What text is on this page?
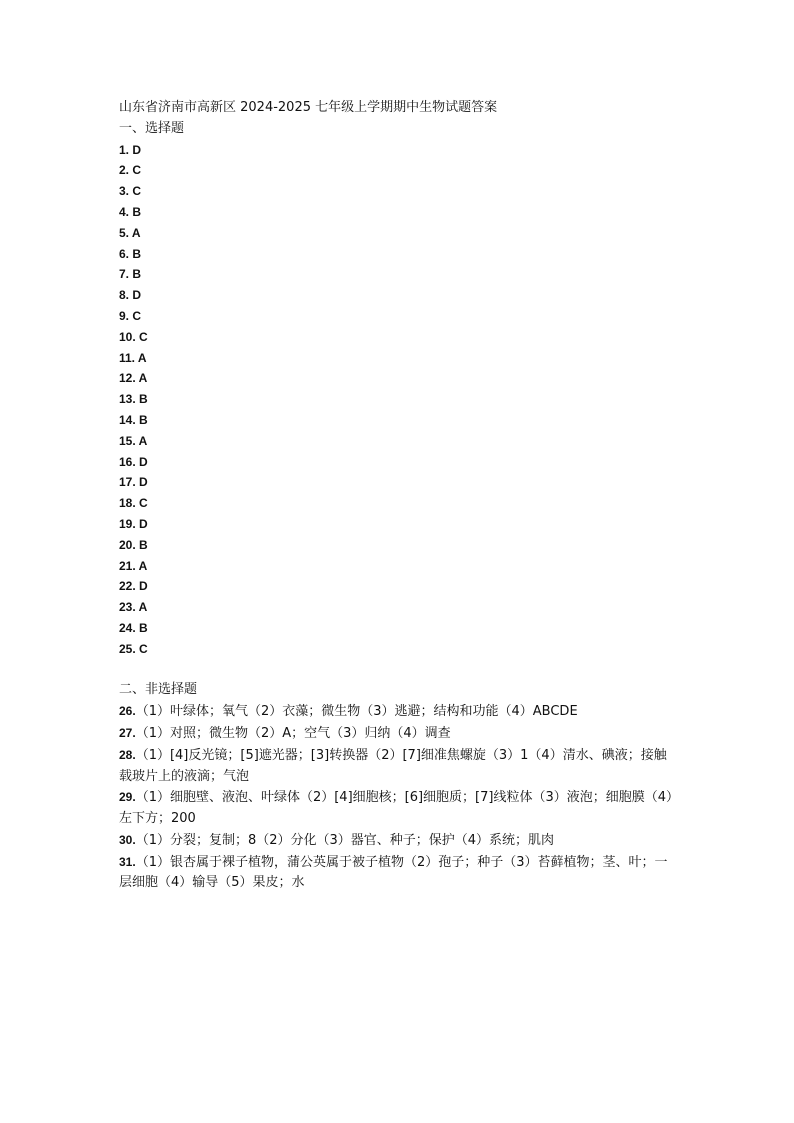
山东省济南市高新区 2024-2025 七年级上学期期中生物试题答案
一、选择题
1. D
2. C
3. C
4. B
5. A
6. B
7. B
8. D
9. C
10. C
11. A
12. A
13. B
14. B
15. A
16. D
17. D
18. C
19. D
20. B
21. A
22. D
23. A
24. B
25. C
二、非选择题
26.（1）叶绿体；氧气（2）衣藻；微生物（3）逃避；结构和功能（4）ABCDE
27.（1）对照；微生物（2）A；空气（3）归纳（4）调查
28.（1）[4]反光镜；[5]遮光器；[3]转换器（2）[7]细准焦螺旋（3）1（4）清水、碘液；接触载玻片上的液滴；气泡
29.（1）细胞壁、液泡、叶绿体（2）[4]细胞核；[6]细胞质；[7]线粒体（3）液泡；细胞膜（4）左下方；200
30.（1）分裂；复制；8（2）分化（3）器官、种子；保护（4）系统；肌肉
31.（1）银杏属于裸子植物，蒲公英属于被子植物（2）孢子；种子（3）苔藓植物；茎、叶；一层细胞（4）输导（5）果皮；水
